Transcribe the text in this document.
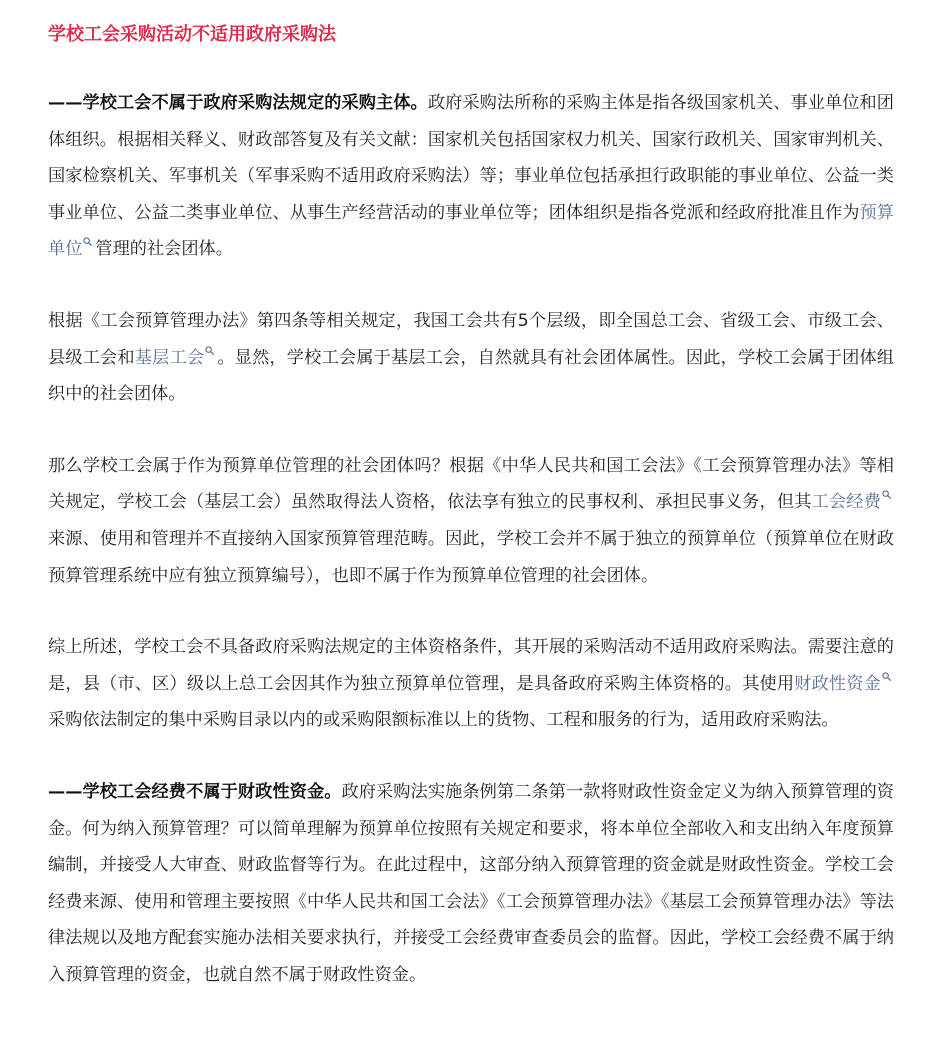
学校工会采购活动不适用政府采购法

——学校工会不属于政府采购法规定的采购主体。政府采购法所称的采购主体是指各级国家机关、事业单位和团体组织。根据相关释义、财政部答复及有关文献：国家机关包括国家权力机关、国家行政机关、国家审判机关、国家检察机关、军事机关（军事采购不适用政府采购法）等；事业单位包括承担行政职能的事业单位、公益一类事业单位、公益二类事业单位、从事生产经营活动的事业单位等；团体组织是指各党派和经政府批准且作为预算单位 管理的社会团体。

根据《工会预算管理办法》第四条等相关规定，我国工会共有5个层级，即全国总工会、省级工会、市级工会、县级工会和基层工会 。显然，学校工会属于基层工会，自然就具有社会团体属性。因此，学校工会属于团体组织中的社会团体。

那么学校工会属于作为预算单位管理的社会团体吗？根据《中华人民共和国工会法》《工会预算管理办法》等相关规定，学校工会（基层工会）虽然取得法人资格，依法享有独立的民事权利、承担民事义务，但其工会经费
来源、使用和管理并不直接纳入国家预算管理范畴。因此，学校工会并不属于独立的预算单位（预算单位在财政预算管理系统中应有独立预算编号），也即不属于作为预算单位管理的社会团体。

综上所述，学校工会不具备政府采购法规定的主体资格条件，其开展的采购活动不适用政府采购法。需要注意的是，县（市、区）级以上总工会因其作为独立预算单位管理，是具备政府采购主体资格的。其使用财政性资金
采购依法制定的集中采购目录以内的或采购限额标准以上的货物、工程和服务的行为，适用政府采购法。

——学校工会经费不属于财政性资金。政府采购法实施条例第二条第一款将财政性资金定义为纳入预算管理的资金。何为纳入预算管理？可以简单理解为预算单位按照有关规定和要求，将本单位全部收入和支出纳入年度预算编制，并接受人大审查、财政监督等行为。在此过程中，这部分纳入预算管理的资金就是财政性资金。学校工会经费来源、使用和管理主要按照《中华人民共和国工会法》《工会预算管理办法》《基层工会预算管理办法》等法律法规以及地方配套实施办法相关要求执行，并接受工会经费审查委员会的监督。因此，学校工会经费不属于纳入预算管理的资金，也就自然不属于财政性资金。
